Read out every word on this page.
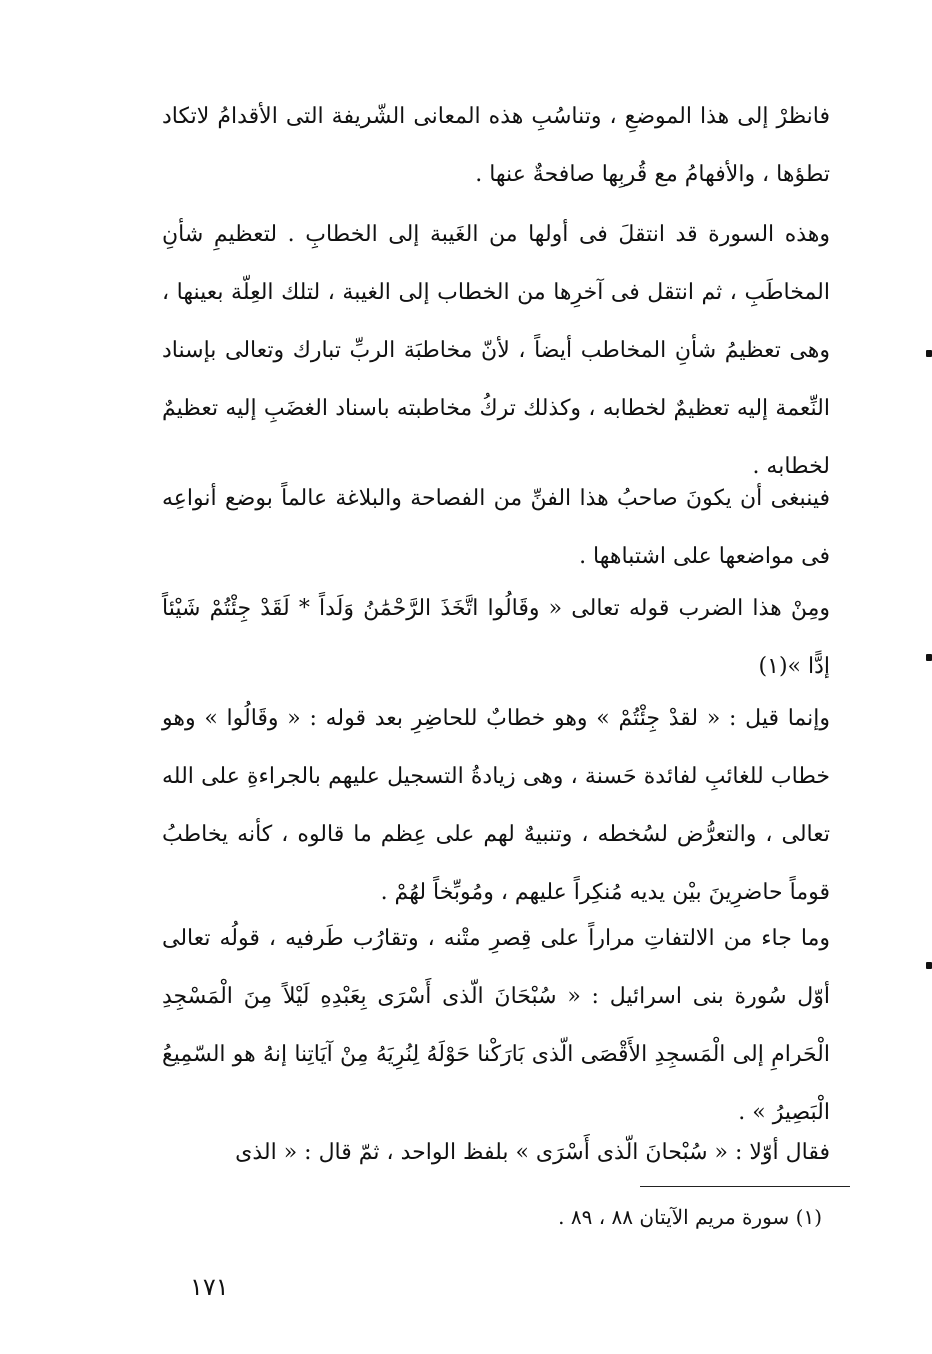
فانظرْ إلى هذا الموضعِ ، وتناسُبِ هذه المعانى الشّريفة التى الأقدامُ لاتكاد تطؤها ، والأفهامُ مع قُربِها صافحةٌ عنها .

وهذه السورة قد انتقلَ فى أولها من الغَيبة إلى الخطابِ . لتعظيمِ شأنِ المخاطَبِ ، ثم انتقل فى آخرِها من الخطاب إلى الغيبة ، لتلك العِلّة بعينها ، وهى تعظيمُ شأنِ المخاطب أيضاً ، لأنّ مخاطبَة الربِّ تبارك وتعالى بإسناد النِّعمة إليه تعظيمٌ لخطابه ، وكذلك تركُ مخاطبته باسناد الغضَبِ إليه تعظيمٌ لخطابه .

فينبغى أن يكونَ صاحبُ هذا الفنِّ من الفصاحة والبلاغة عالماً بوضع أنواعِه فى مواضعها على اشتباهها .

ومِنْ هذا الضرب قوله تعالى « وقَالُوا اتَّخَذَ الرَّحْمَٰنُ وَلَداً * لَقَدْ جِئْتُمْ شَيْئاً إدًّا »(١)

وإنما قيل : « لقدْ جِئْتُمْ » وهو خطابٌ للحاضِرِ بعد قوله : « وقَالُوا » وهو خطاب للغائبِ لفائدة حَسنة ، وهى زيادةُ التسجيل عليهم بالجراءةِ على الله تعالى ، والتعرُّض لسُخطه ، وتنبيهٌ لهم على عِظم ما قالوه ، كأنه يخاطبُ قوماً حاضرِينَ بيْن يديه مُنكِراً عليهم ، ومُوبِّخاً لهُمْ .

وما جاء من الالتفاتِ مراراً على قِصرِ متْنه ، وتقارُب طَرفيه ، قولُه تعالى أوّل سُورة بنى اسرائيل : « سُبْحَانَ الّذى أَسْرَى بِعَبْدِهِ لَيْلاً مِنَ الْمَسْجِدِ الْحَرامِ إلى الْمَسجِدِ الأَقْصَى الّذى بَارَكْنا حَوْلَهُ لِنُرِيَهُ مِنْ آيَاتِنا إنهُ هو السّمِيعُ الْبَصِيرُ » .

فقال أوّلا : « سُبْحانَ الّذى أَسْرَى » بلفظ الواحد ، ثمّ قال : « الذى

(١) سورة مريم الآيتان ٨٨ ، ٨٩ .
١٧١
